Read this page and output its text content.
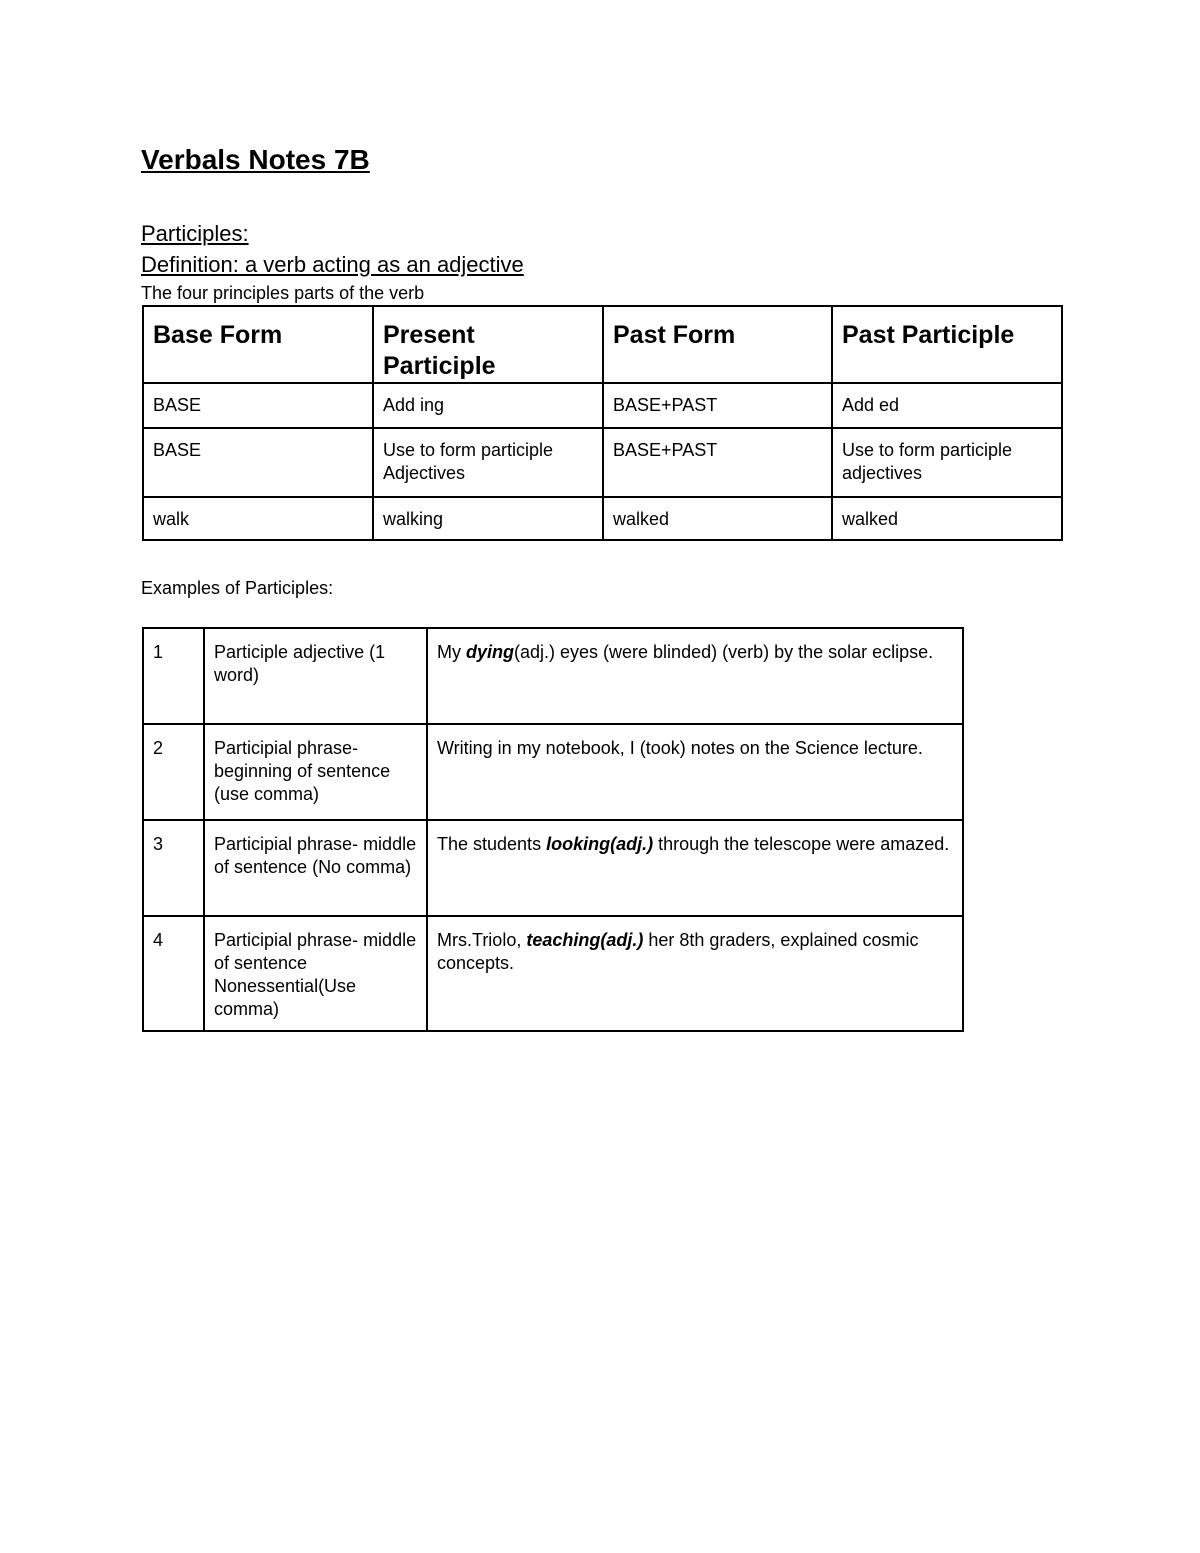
Verbals Notes 7B
Participles:
Definition: a verb acting as an adjective
The four principles parts of the verb
Base Form	Present Participle	Past Form	Past Participle
BASE	Add ing	BASE+PAST	Add ed
BASE	Use to form participle Adjectives	BASE+PAST	Use to form participle adjectives
walk	walking	walked	walked
Examples of Participles:
1	Participle adjective (1 word)	My dying(adj.) eyes (were blinded) (verb) by the solar eclipse.
2	Participial phrase- beginning of sentence (use comma)	Writing in my notebook, I (took) notes on the Science lecture.
3	Participial phrase- middle of sentence (No comma)	The students looking(adj.) through the telescope were amazed.
4	Participial phrase- middle of sentence Nonessential(Use comma)	Mrs.Triolo, teaching(adj.) her 8th graders, explained cosmic concepts.
